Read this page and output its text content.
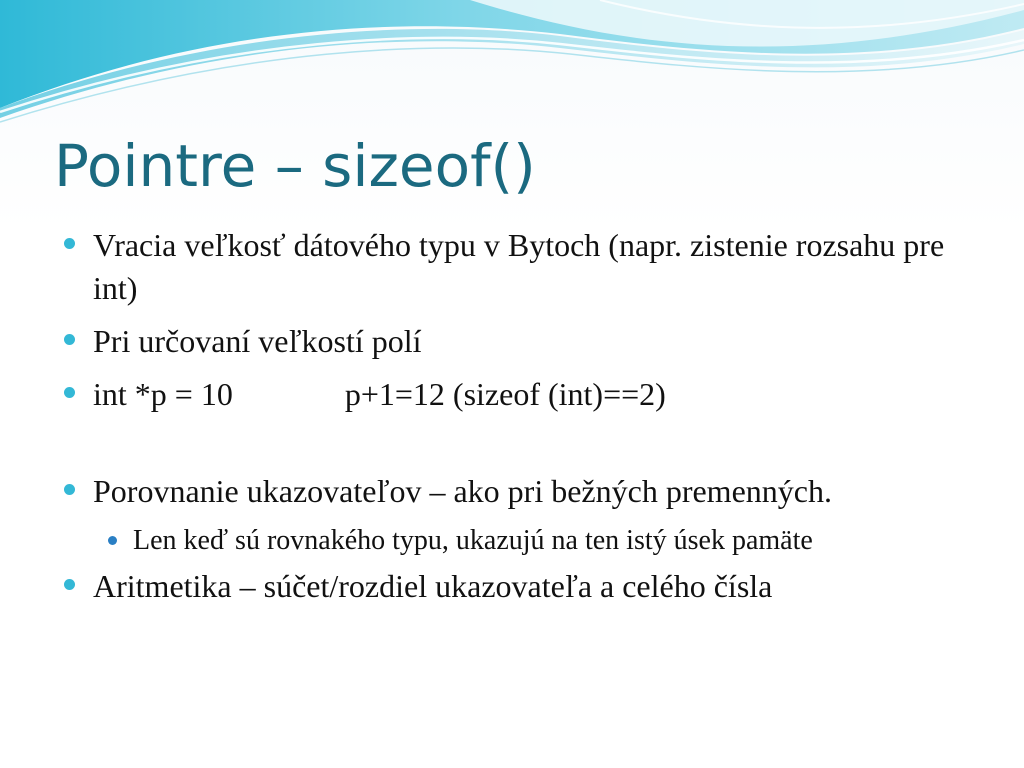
Pointre – sizeof()
Vracia veľkosť dátového typu v Bytoch (napr. zistenie rozsahu pre int)
Pri určovaní veľkostí polí
int *p = 10	p+1=12 (sizeof (int)==2)
Porovnanie ukazovateľov – ako pri bežných premenných.
Len keď sú rovnakého typu, ukazujú na ten istý úsek pamäte
Aritmetika – súčet/rozdiel ukazovateľa a celého čísla
